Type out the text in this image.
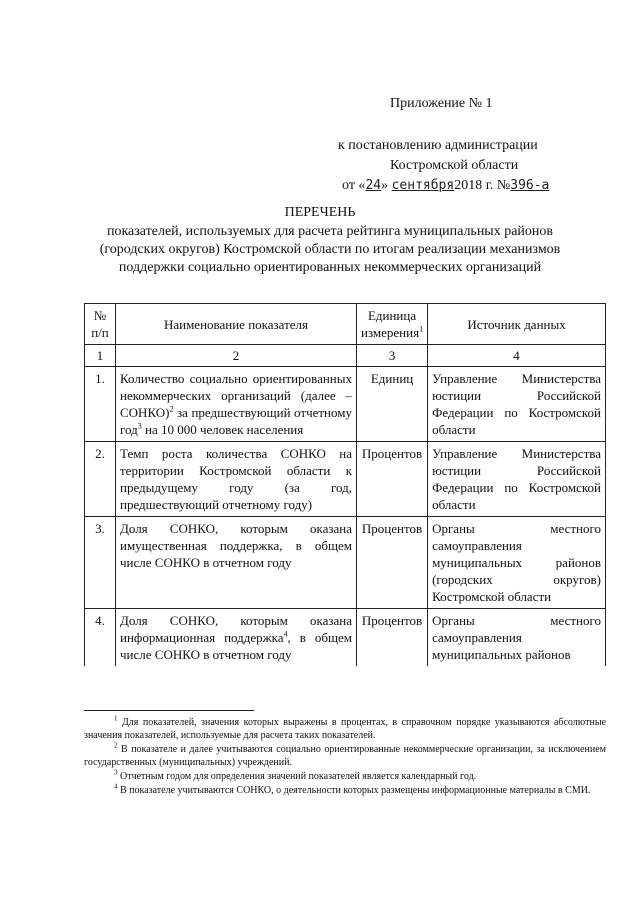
Приложение № 1
к постановлению администрации
Костромской области
от «24» сентября2018 г. №396-а
ПЕРЕЧЕНЬ
показателей, используемых для расчета рейтинга муниципальных районов (городских округов) Костромской области по итогам реализации механизмов поддержки социально ориентированных некоммерческих организаций
№ п/п	Наименование показателя	Единица измерения$^1$	Источник данных
1	2	3	4
1.	Количество социально ориентированных некоммерческих организаций (далее – СОНКО)$^2$ за предшествующий отчетному год$^3$ на 10 000 человек населения	Единиц	Управление Министерства юстиции Российской Федерации по Костромской области
2.	Темп роста количества СОНКО на территории Костромской области к предыдущему году (за год, предшествующий отчетному году)	Процентов	Управление Министерства юстиции Российской Федерации по Костромской области
3.	Доля СОНКО, которым оказана имущественная поддержка, в общем числе СОНКО в отчетном году	Процентов	Органы местного самоуправления муниципальных районов (городских округов) Костромской области
4.	Доля СОНКО, которым оказана информационная поддержка$^4$, в общем числе СОНКО в отчетном году	Процентов	Органы местного самоуправления муниципальных районов

$^1$ Для показателей, значения которых выражены в процентах, в справочном порядке указываются абсолютные значения показателей, используемые для расчета таких показателей.

$^2$ В показателе и далее учитываются социально ориентированные некоммерческие организации, за исключением государственных (муниципальных) учреждений.

$^3$ Отчетным годом для определения значений показателей является календарный год.

$^4$ В показателе учитываются СОНКО, о деятельности которых размещены информационные материалы в СМИ.
